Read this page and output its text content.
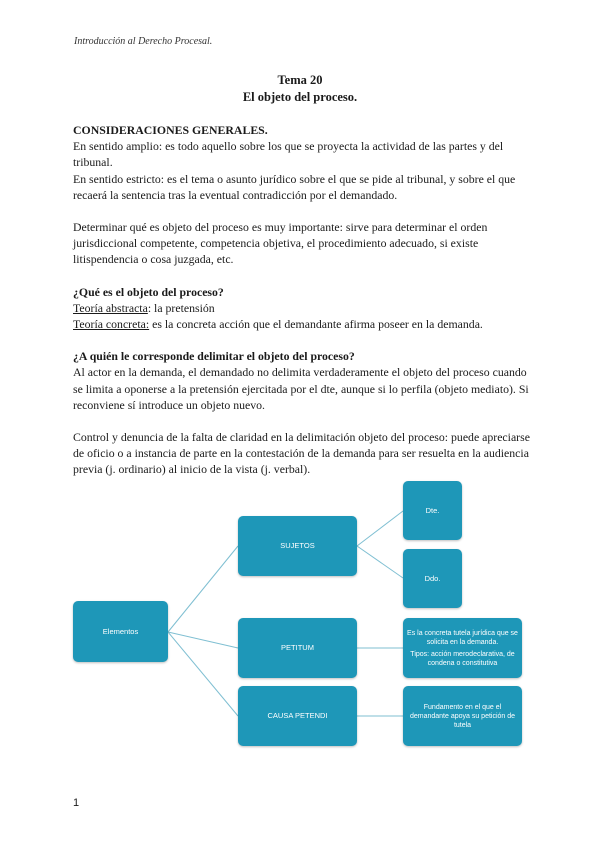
Introducción al Derecho Procesal.
Tema 20
El objeto del proceso.

CONSIDERACIONES GENERALES.

En sentido amplio: es todo aquello sobre los que se proyecta la actividad de las partes y del tribunal.

En sentido estricto: es el tema o asunto jurídico sobre el que se pide al tribunal, y sobre el que recaerá la sentencia tras la eventual contradicción por el demandado.

Determinar qué es objeto del proceso es muy importante: sirve para determinar el orden jurisdiccional competente, competencia objetiva, el procedimiento adecuado, si existe litispendencia o cosa juzgada, etc.

¿Qué es el objeto del proceso?

Teoría abstracta: la pretensión

Teoría concreta: es la concreta acción que el demandante afirma poseer en la demanda.

¿A quién le corresponde delimitar el objeto del proceso?

Al actor en la demanda, el demandado no delimita verdaderamente el objeto del proceso cuando se limita a oponerse a la pretensión ejercitada por el dte, aunque si lo perfila (objeto mediato). Si reconviene sí introduce un objeto nuevo.

Control y denuncia de la falta de claridad en la delimitación objeto del proceso: puede apreciarse de oficio o a instancia de parte en la contestación de la demanda para ser resuelta en la audiencia previa (j. ordinario) al inicio de la vista (j. verbal).

Elementos
SUJETOS
Dte.
Ddo.
PETITUM
Es la concreta tutela jurídica que se solicita en la demanda.
Tipos: acción merodeclarativa, de condena o constitutiva
CAUSA PETENDI
Fundamento en el que el demandante apoya su petición de tutela
1
